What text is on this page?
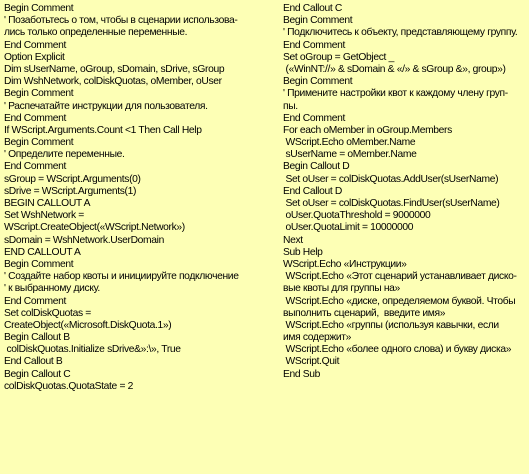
Begin Comment
' Позаботьтесь о том, чтобы в сценарии использова-
лись только определенные переменные.
End Comment
Option Explicit
Dim sUserName, oGroup, sDomain, sDrive, sGroup
Dim WshNetwork, colDiskQuotas, oMember, oUser
Begin Comment
' Распечатайте инструкции для пользователя.
End Comment
If WScript.Arguments.Count <1 Then Call Help
Begin Comment
' Определите переменные.
End Comment
sGroup = WScript.Arguments(0)
sDrive = WScript.Arguments(1)
BEGIN CALLOUT A
Set WshNetwork =
WScript.CreateObject(«WScript.Network»)
sDomain = WshNetwork.UserDomain
END CALLOUT A
Begin Comment
' Создайте набор квоты и инициируйте подключение
' к выбранному диску.
End Comment
Set colDiskQuotas =
CreateObject(«Microsoft.DiskQuota.1»)
Begin Callout B
colDiskQuotas.Initialize sDrive&»:\», True
End Callout B
Begin Callout C
colDiskQuotas.QuotaState = 2
End Callout C
Begin Comment
' Подключитесь к объекту, представляющему группу.
End Comment
Set oGroup = GetObject _
(«WinNT://» & sDomain & «/» & sGroup &», group»)
Begin Comment
' Примените настройки квот к каждому члену груп-
пы.
End Comment
For each oMember in oGroup.Members
WScript.Echo oMember.Name
sUserName = oMember.Name
Begin Callout D
Set oUser = colDiskQuotas.AddUser(sUserName)
End Callout D
Set oUser = colDiskQuotas.FindUser(sUserName)
oUser.QuotaThreshold = 9000000
oUser.QuotaLimit = 10000000
Next
Sub Help
WScript.Echo «Инструкции»
WScript.Echo «Этот сценарий устанавливает диско-
вые квоты для группы на»
WScript.Echo «диске, определяемом буквой. Чтобы
выполнить сценарий,  введите имя»
WScript.Echo «группы (используя кавычки, если
имя содержит»
WScript.Echo «более одного слова) и букву диска»
WScript.Quit
End Sub
